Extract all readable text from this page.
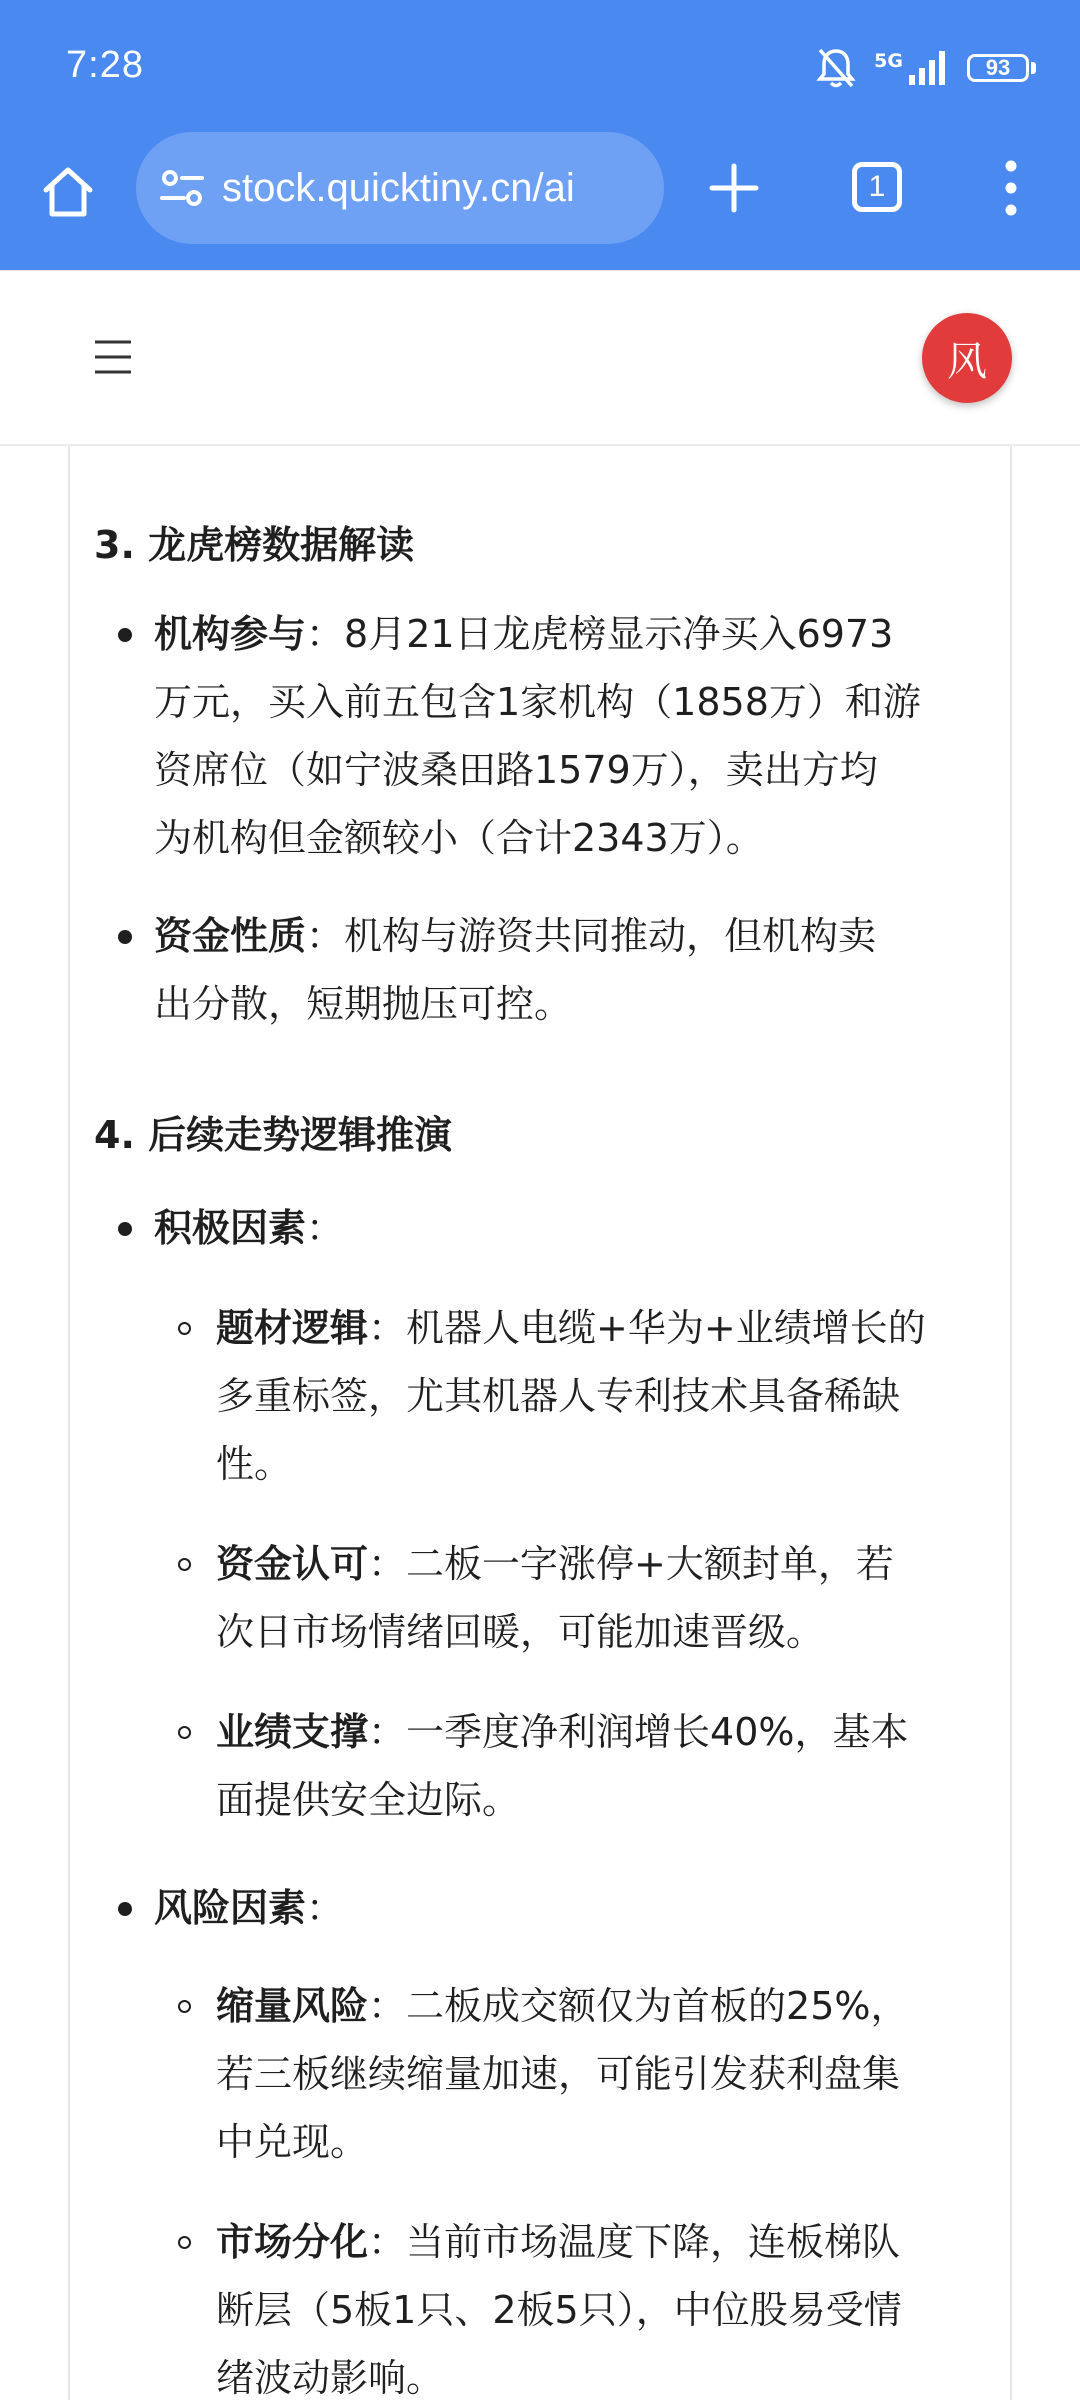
7:28	5G	93
stock.quicktiny.cn/ai	1
风
3. 龙虎榜数据解读
机构参与：8月21日龙虎榜显示净买入6973
万元，买入前五包含1家机构（1858万）和游
资席位（如宁波桑田路1579万），卖出方均
为机构但金额较小（合计2343万）。
资金性质：机构与游资共同推动，但机构卖
出分散，短期抛压可控。
4. 后续走势逻辑推演
积极因素：
题材逻辑：机器人电缆+华为+业绩增长的
多重标签，尤其机器人专利技术具备稀缺
性。
资金认可：二板一字涨停+大额封单，若
次日市场情绪回暖，可能加速晋级。
业绩支撑：一季度净利润增长40%，基本
面提供安全边际。
风险因素：
缩量风险：二板成交额仅为首板的25%，
若三板继续缩量加速，可能引发获利盘集
中兑现。
市场分化：当前市场温度下降，连板梯队
断层（5板1只、2板5只），中位股易受情
绪波动影响。
